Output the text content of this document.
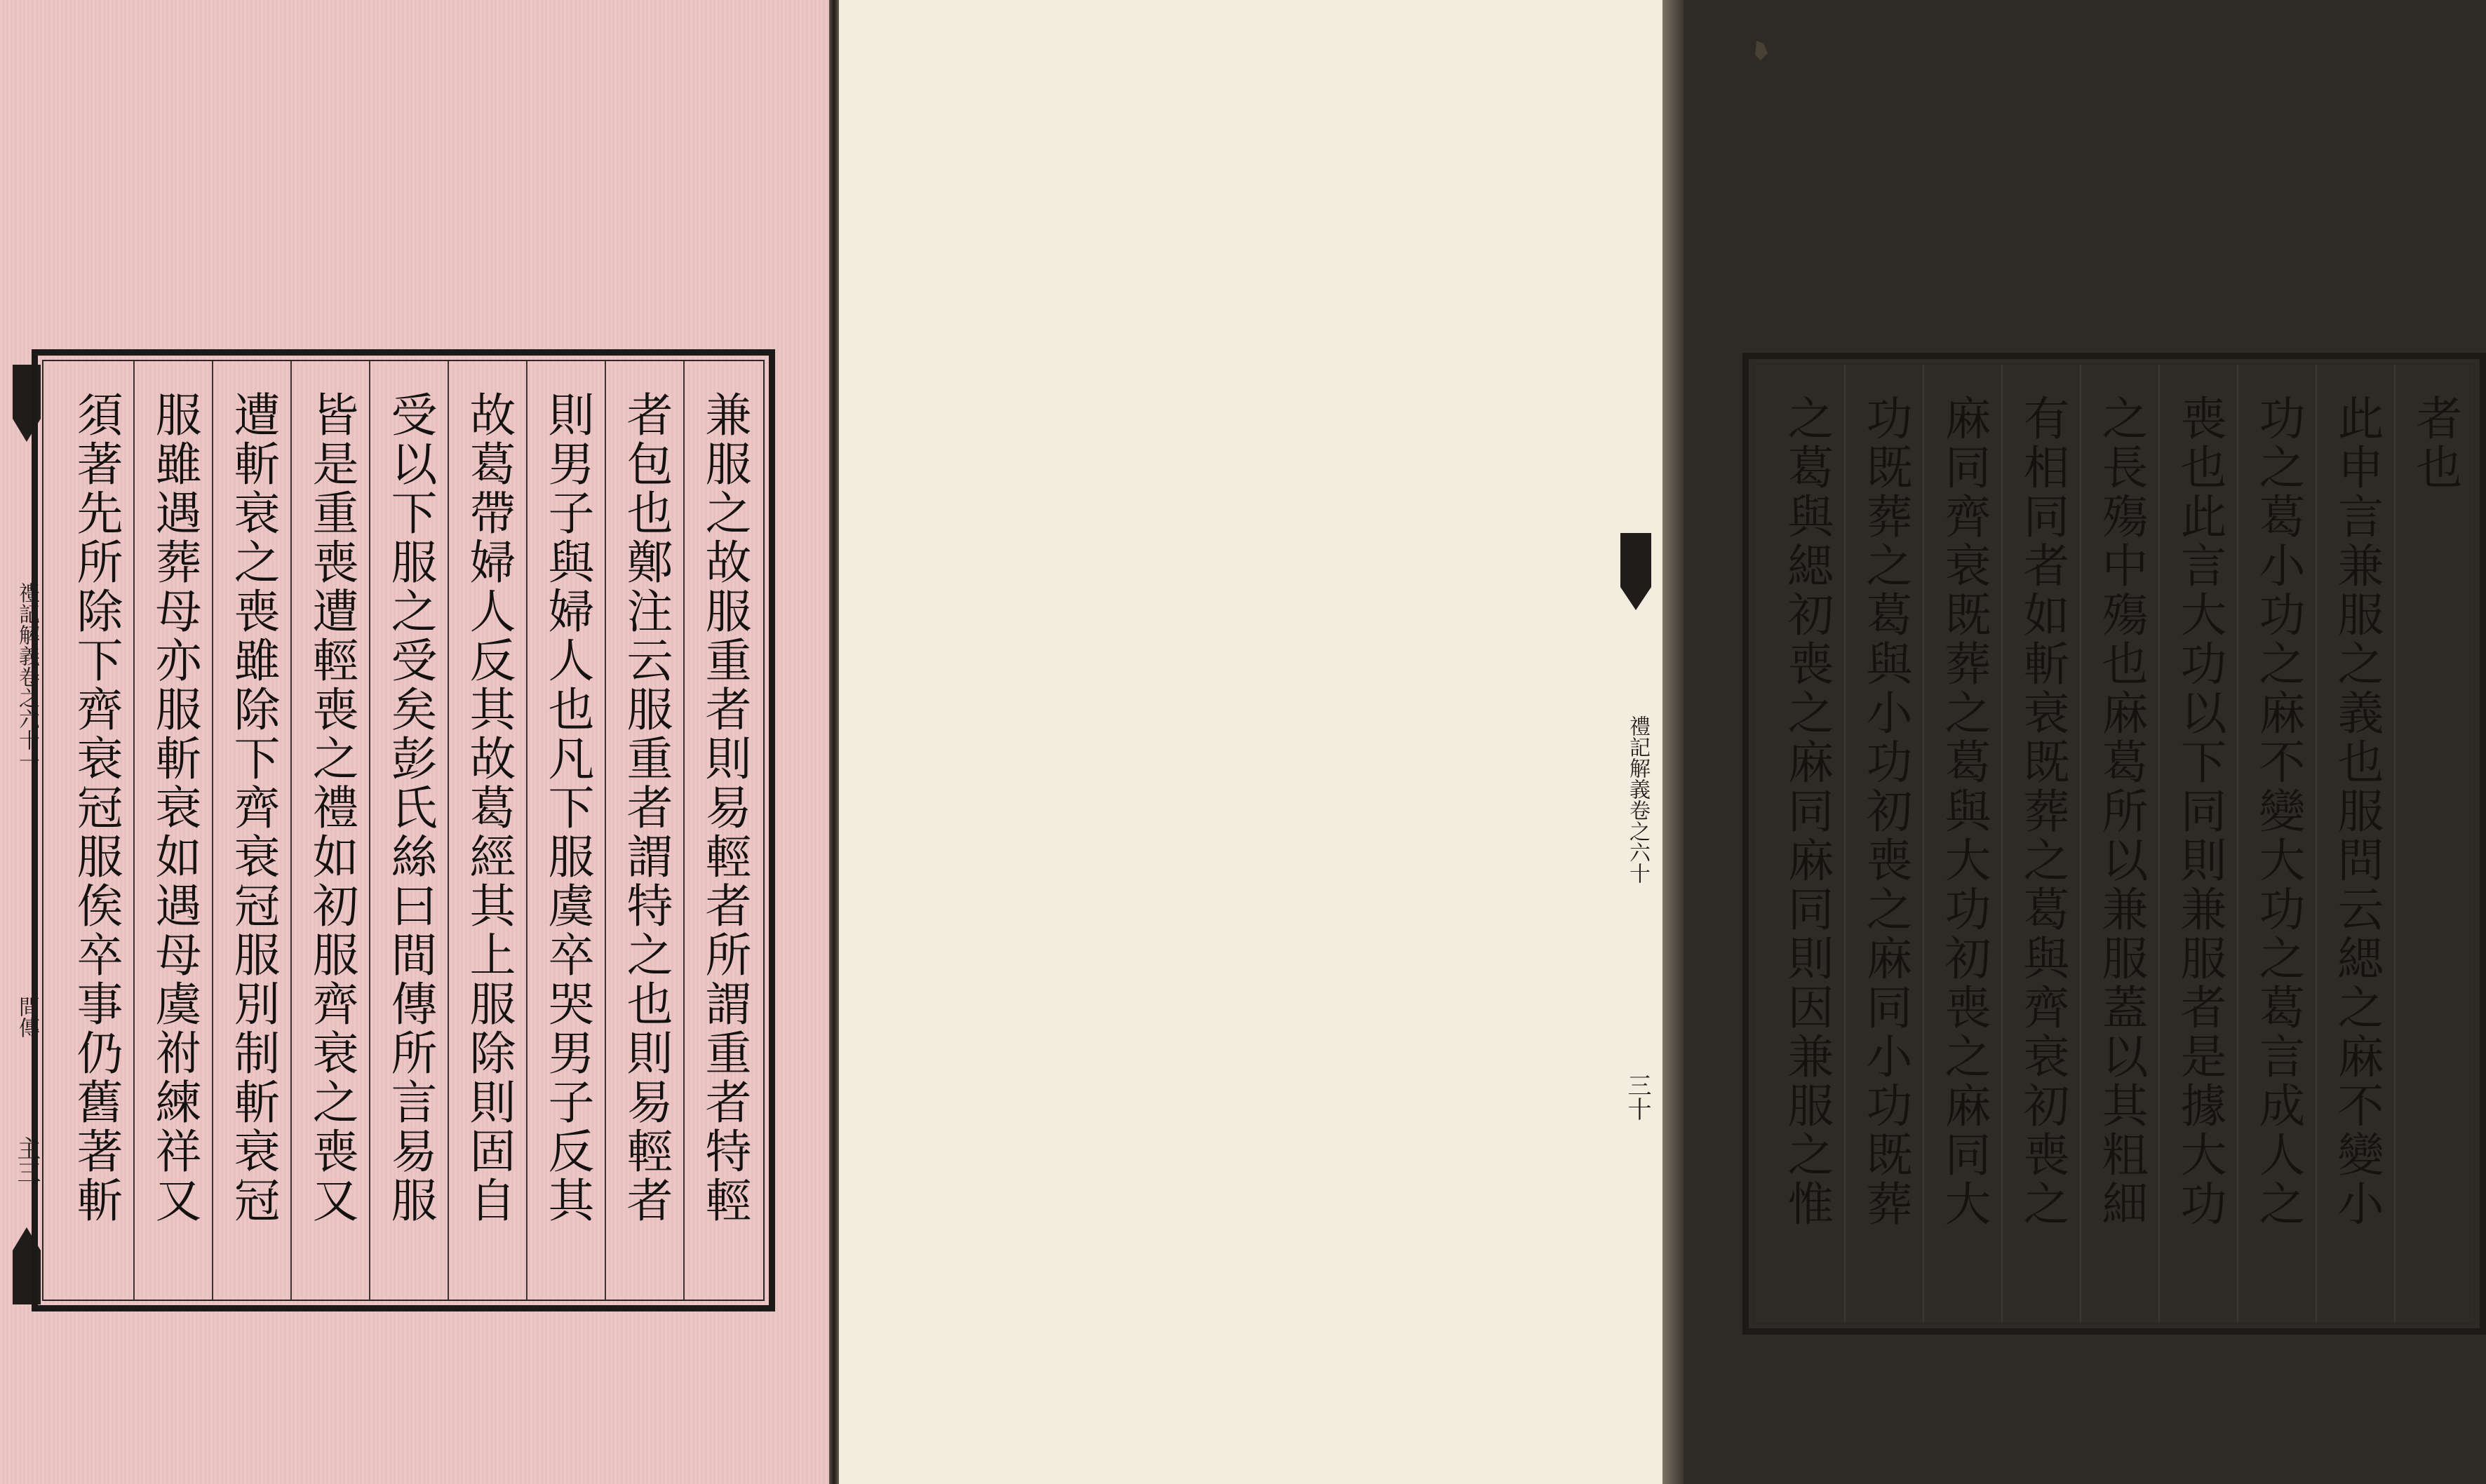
禮記解義卷之六十一
間傳
主三	兼服之故服重者則易輕者所謂重者特輕
者包也鄭注云服重者謂特之也則易輕者
則男子與婦人也凡下服虞卒哭男子反其
故葛帶婦人反其故葛經其上服除則固自
受以下服之受矣彭氏絲曰間傳所言易服
皆是重喪遭輕喪之禮如初服齊衰之喪又
遭斬衰之喪雖除下齊衰冠服別制斬衰冠
服雖遇葬母亦服斬衰如遇母虞祔練祥又
須著先所除下齊衰冠服俟卒事仍舊著斬	者也
此申言兼服之義也服問云緦之麻不變小
功之葛小功之麻不變大功之葛言成人之
喪也此言大功以下同則兼服者是據大功
之長殤中殤也麻葛所以兼服蓋以其粗細
有相同者如斬衰既葬之葛與齊衰初喪之
麻同齊衰既葬之葛與大功初喪之麻同大
功既葬之葛與小功初喪之麻同小功既葬
之葛與緦初喪之麻同麻同則因兼服之惟
禮記解義卷之六十
三十
